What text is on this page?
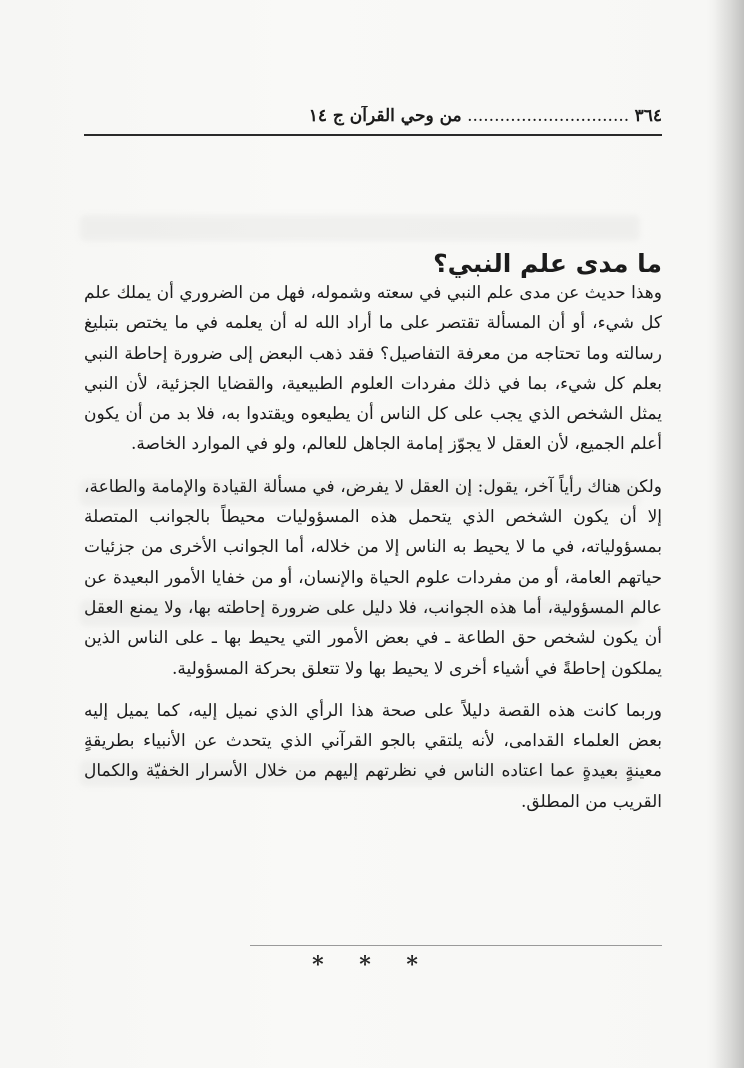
٣٦٤ .............................. من وحي القرآن ج ١٤
ما مدى علم النبي؟

وهذا حديث عن مدى علم النبي في سعته وشموله، فهل من الضروري أن يملك علم كل شيء، أو أن المسألة تقتصر على ما أراد الله له أن يعلمه في ما يختص بتبليغ رسالته وما تحتاجه من معرفة التفاصيل؟ فقد ذهب البعض إلى ضرورة إحاطة النبي بعلم كل شيء، بما في ذلك مفردات العلوم الطبيعية، والقضايا الجزئية، لأن النبي يمثل الشخص الذي يجب على كل الناس أن يطيعوه ويقتدوا به، فلا بد من أن يكون أعلم الجميع، لأن العقل لا يجوّز إمامة الجاهل للعالم، ولو في الموارد الخاصة.

ولكن هناك رأياً آخر، يقول: إن العقل لا يفرض، في مسألة القيادة والإمامة والطاعة، إلا أن يكون الشخص الذي يتحمل هذه المسؤوليات محيطاً بالجوانب المتصلة بمسؤولياته، في ما لا يحيط به الناس إلا من خلاله، أما الجوانب الأخرى من جزئيات حياتهم العامة، أو من مفردات علوم الحياة والإنسان، أو من خفايا الأمور البعيدة عن عالم المسؤولية، أما هذه الجوانب، فلا دليل على ضرورة إحاطته بها، ولا يمنع العقل أن يكون لشخص حق الطاعة ـ في بعض الأمور التي يحيط بها ـ على الناس الذين يملكون إحاطةً في أشياء أخرى لا يحيط بها ولا تتعلق بحركة المسؤولية.

وربما كانت هذه القصة دليلاً على صحة هذا الرأي الذي نميل إليه، كما يميل إليه بعض العلماء القدامى، لأنه يلتقي بالجو القرآني الذي يتحدث عن الأنبياء بطريقةٍ معينةٍ بعيدةٍ عما اعتاده الناس في نظرتهم إليهم من خلال الأسرار الخفيّة والكمال القريب من المطلق.

* * *
